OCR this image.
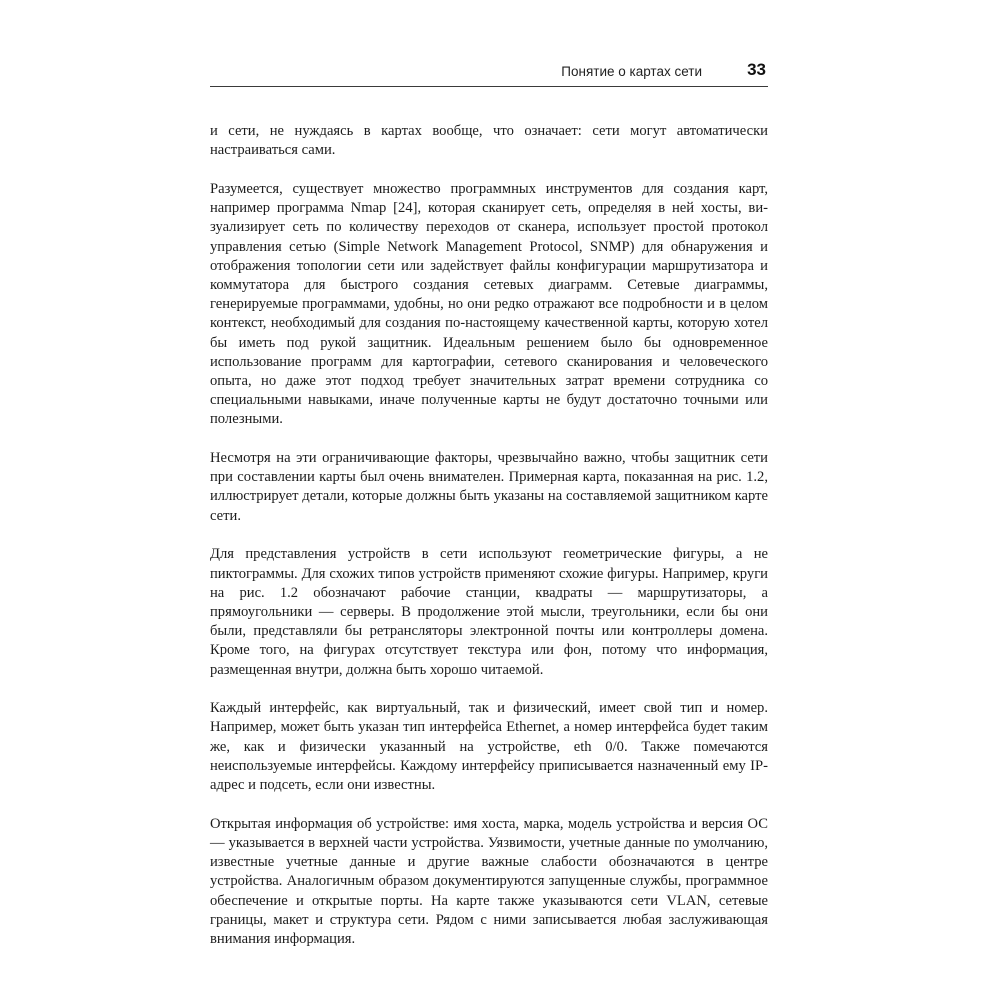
Понятие о картах сети	33

и сети, не нуждаясь в картах вообще, что означает: сети могут автоматически настраиваться сами.

Разумеется, существует множество программных инструментов для создания карт, например программа Nmap [24], которая сканирует сеть, определяя в ней хосты, визуализирует сеть по количеству переходов от сканера, использует простой протокол управления сетью (Simple Network Management Protocol, SNMP) для обнаружения и отображения топологии сети или задействует файлы конфигурации маршрутизатора и коммутатора для быстрого создания сетевых диаграмм. Сетевые диаграммы, генерируемые программами, удобны, но они редко отражают все подробности и в целом контекст, необходимый для создания по-настоящему качественной карты, которую хотел бы иметь под рукой защитник. Идеальным решением было бы одновременное использование программ для картографии, сетевого сканирования и человеческого опыта, но даже этот подход требует значительных затрат времени сотрудника со специальными навыками, иначе полученные карты не будут достаточно точными или полезными.

Несмотря на эти ограничивающие факторы, чрезвычайно важно, чтобы защитник сети при составлении карты был очень внимателен. Примерная карта, показанная на рис. 1.2, иллюстрирует детали, которые должны быть указаны на составляемой защитником карте сети.

Для представления устройств в сети используют геометрические фигуры, а не пиктограммы. Для схожих типов устройств применяют схожие фигуры. Например, круги на рис. 1.2 обозначают рабочие станции, квадраты — маршрутизаторы, а прямоугольники — серверы. В продолжение этой мысли, треугольники, если бы они были, представляли бы ретрансляторы электронной почты или контроллеры домена. Кроме того, на фигурах отсутствует текстура или фон, потому что информация, размещенная внутри, должна быть хорошо читаемой.

Каждый интерфейс, как виртуальный, так и физический, имеет свой тип и номер. Например, может быть указан тип интерфейса Ethernet, а номер интерфейса будет таким же, как и физически указанный на устройстве, eth 0/0. Также помечаются неиспользуемые интерфейсы. Каждому интерфейсу приписывается назначенный ему IP-адрес и подсеть, если они известны.

Открытая информация об устройстве: имя хоста, марка, модель устройства и версия ОС — указывается в верхней части устройства. Уязвимости, учетные данные по умолчанию, известные учетные данные и другие важные слабости обозначаются в центре устройства. Аналогичным образом документируются запущенные службы, программное обеспечение и открытые порты. На карте также указываются сети VLAN, сетевые границы, макет и структура сети. Рядом с ними записывается любая заслуживающая внимания информация.
